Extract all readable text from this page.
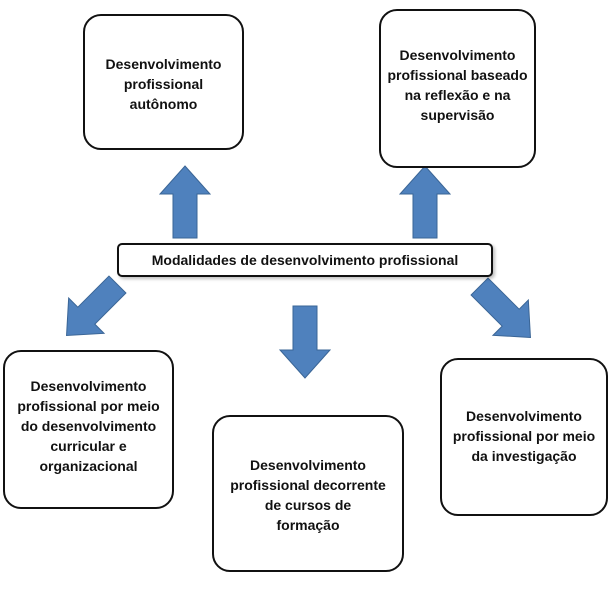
Desenvolvimento
profissional
autônomo
Desenvolvimento
profissional baseado
na reflexão e na
supervisão
Modalidades de desenvolvimento profissional
Desenvolvimento
profissional por meio
do desenvolvimento
curricular e
organizacional	Desenvolvimento
profissional decorrente
de cursos de
formação
Desenvolvimento
profissional por meio
da investigação
